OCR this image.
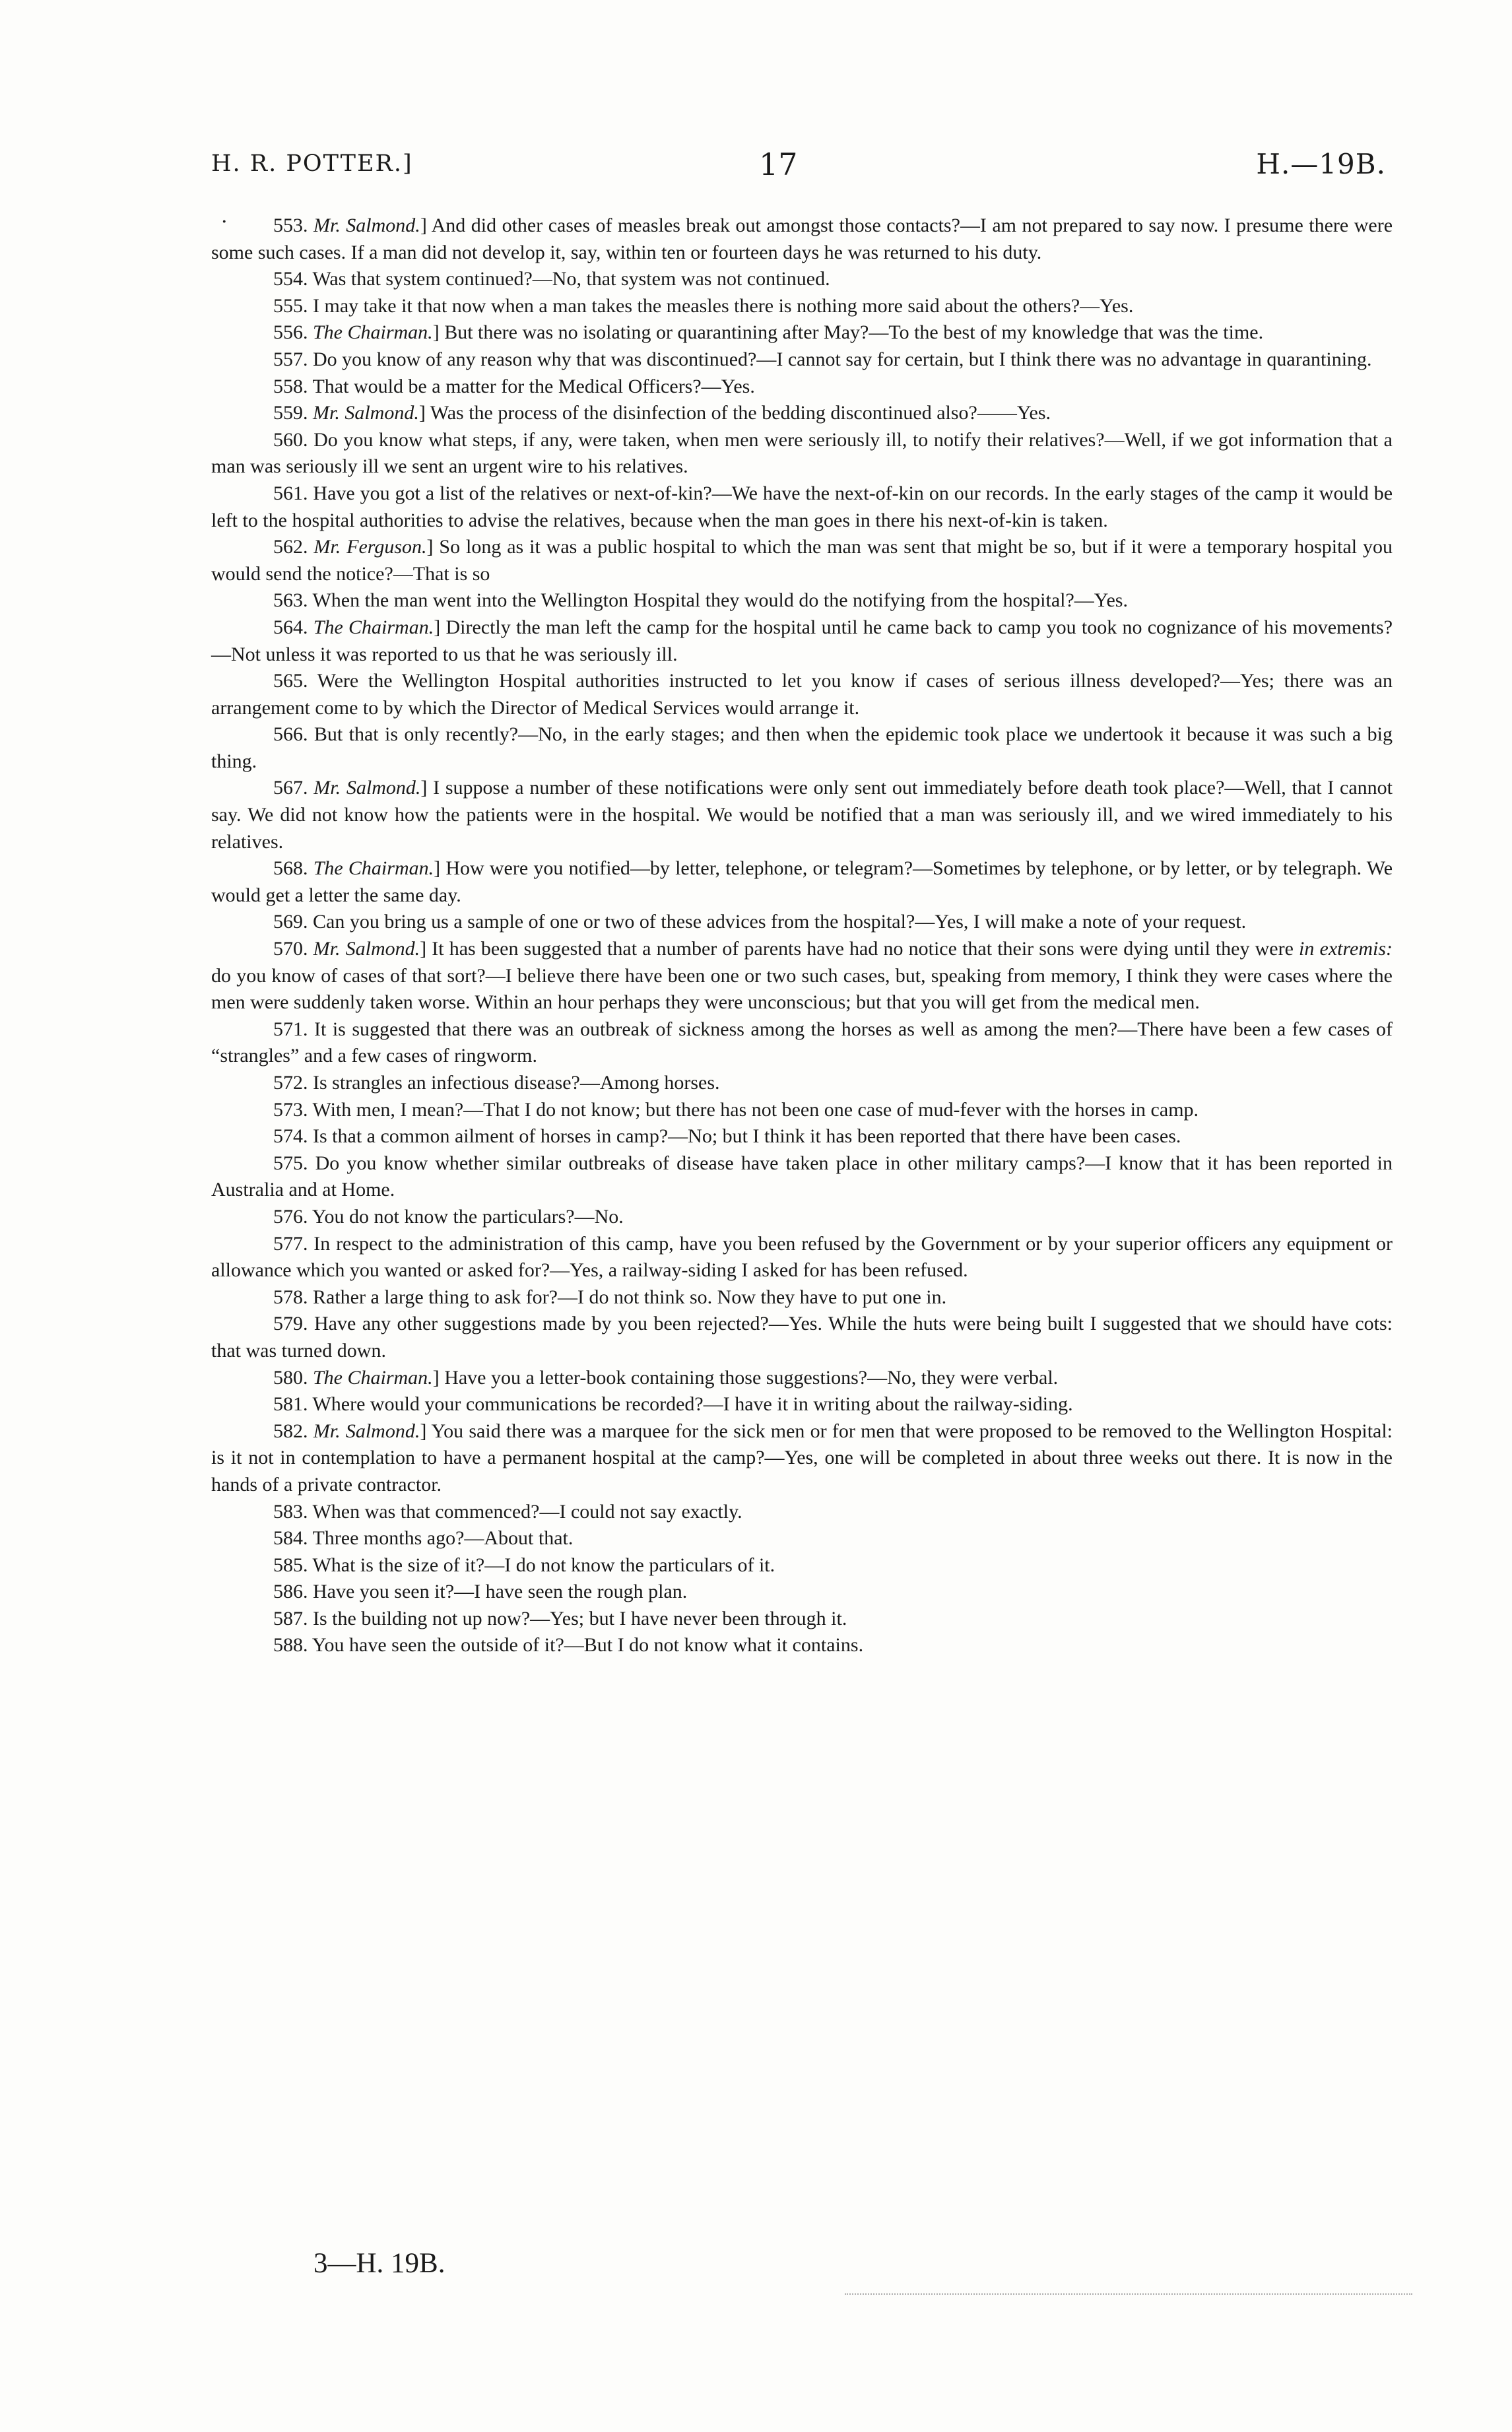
H. R. POTTER.]	17	H.—19B.
.	553. Mr. Salmond.] And did other cases of measles break out amongst those contacts?—I am not prepared to say now. I presume there were some such cases. If a man did not develop it, say, within ten or fourteen days he was returned to his duty.

554. Was that system continued?—No, that system was not continued.

555. I may take it that now when a man takes the measles there is nothing more said about the others?—Yes.

556. The Chairman.] But there was no isolating or quarantining after May?—To the best of my knowledge that was the time.

557. Do you know of any reason why that was discontinued?—I cannot say for certain, but I think there was no advantage in quarantining.

558. That would be a matter for the Medical Officers?—Yes.

559. Mr. Salmond.] Was the process of the disinfection of the bedding discontinued also?——Yes.

560. Do you know what steps, if any, were taken, when men were seriously ill, to notify their relatives?—Well, if we got information that a man was seriously ill we sent an urgent wire to his relatives.

561. Have you got a list of the relatives or next-of-kin?—We have the next-of-kin on our records. In the early stages of the camp it would be left to the hospital authorities to advise the relatives, because when the man goes in there his next-of-kin is taken.

562. Mr. Ferguson.] So long as it was a public hospital to which the man was sent that might be so, but if it were a temporary hospital you would send the notice?—That is so

563. When the man went into the Wellington Hospital they would do the notifying from the hospital?—Yes.

564. The Chairman.] Directly the man left the camp for the hospital until he came back to camp you took no cognizance of his movements?—Not unless it was reported to us that he was seriously ill.

565. Were the Wellington Hospital authorities instructed to let you know if cases of serious illness developed?—Yes; there was an arrangement come to by which the Director of Medical Services would arrange it.

566. But that is only recently?—No, in the early stages; and then when the epidemic took place we undertook it because it was such a big thing.

567. Mr. Salmond.] I suppose a number of these notifications were only sent out immediately before death took place?—Well, that I cannot say. We did not know how the patients were in the hospital. We would be notified that a man was seriously ill, and we wired immediately to his relatives.

568. The Chairman.] How were you notified—by letter, telephone, or telegram?—Sometimes by telephone, or by letter, or by telegraph. We would get a letter the same day.

569. Can you bring us a sample of one or two of these advices from the hospital?—Yes, I will make a note of your request.

570. Mr. Salmond.] It has been suggested that a number of parents have had no notice that their sons were dying until they were in extremis: do you know of cases of that sort?—I believe there have been one or two such cases, but, speaking from memory, I think they were cases where the men were suddenly taken worse. Within an hour perhaps they were unconscious; but that you will get from the medical men.

571. It is suggested that there was an outbreak of sickness among the horses as well as among the men?—There have been a few cases of “strangles” and a few cases of ringworm.

572. Is strangles an infectious disease?—Among horses.

573. With men, I mean?—That I do not know; but there has not been one case of mud-fever with the horses in camp.

574. Is that a common ailment of horses in camp?—No; but I think it has been reported that there have been cases.

575. Do you know whether similar outbreaks of disease have taken place in other military camps?—I know that it has been reported in Australia and at Home.

576. You do not know the particulars?—No.

577. In respect to the administration of this camp, have you been refused by the Government or by your superior officers any equipment or allowance which you wanted or asked for?—Yes, a railway-siding I asked for has been refused.

578. Rather a large thing to ask for?—I do not think so. Now they have to put one in.

579. Have any other suggestions made by you been rejected?—Yes. While the huts were being built I suggested that we should have cots: that was turned down.

580. The Chairman.] Have you a letter-book containing those suggestions?—No, they were verbal.

581. Where would your communications be recorded?—I have it in writing about the railway-siding.

582. Mr. Salmond.] You said there was a marquee for the sick men or for men that were proposed to be removed to the Wellington Hospital: is it not in contemplation to have a permanent hospital at the camp?—Yes, one will be completed in about three weeks out there. It is now in the hands of a private contractor.

583. When was that commenced?—I could not say exactly.

584. Three months ago?—About that.

585. What is the size of it?—I do not know the particulars of it.

586. Have you seen it?—I have seen the rough plan.

587. Is the building not up now?—Yes; but I have never been through it.

588. You have seen the outside of it?—But I do not know what it contains.

3—H. 19B.
